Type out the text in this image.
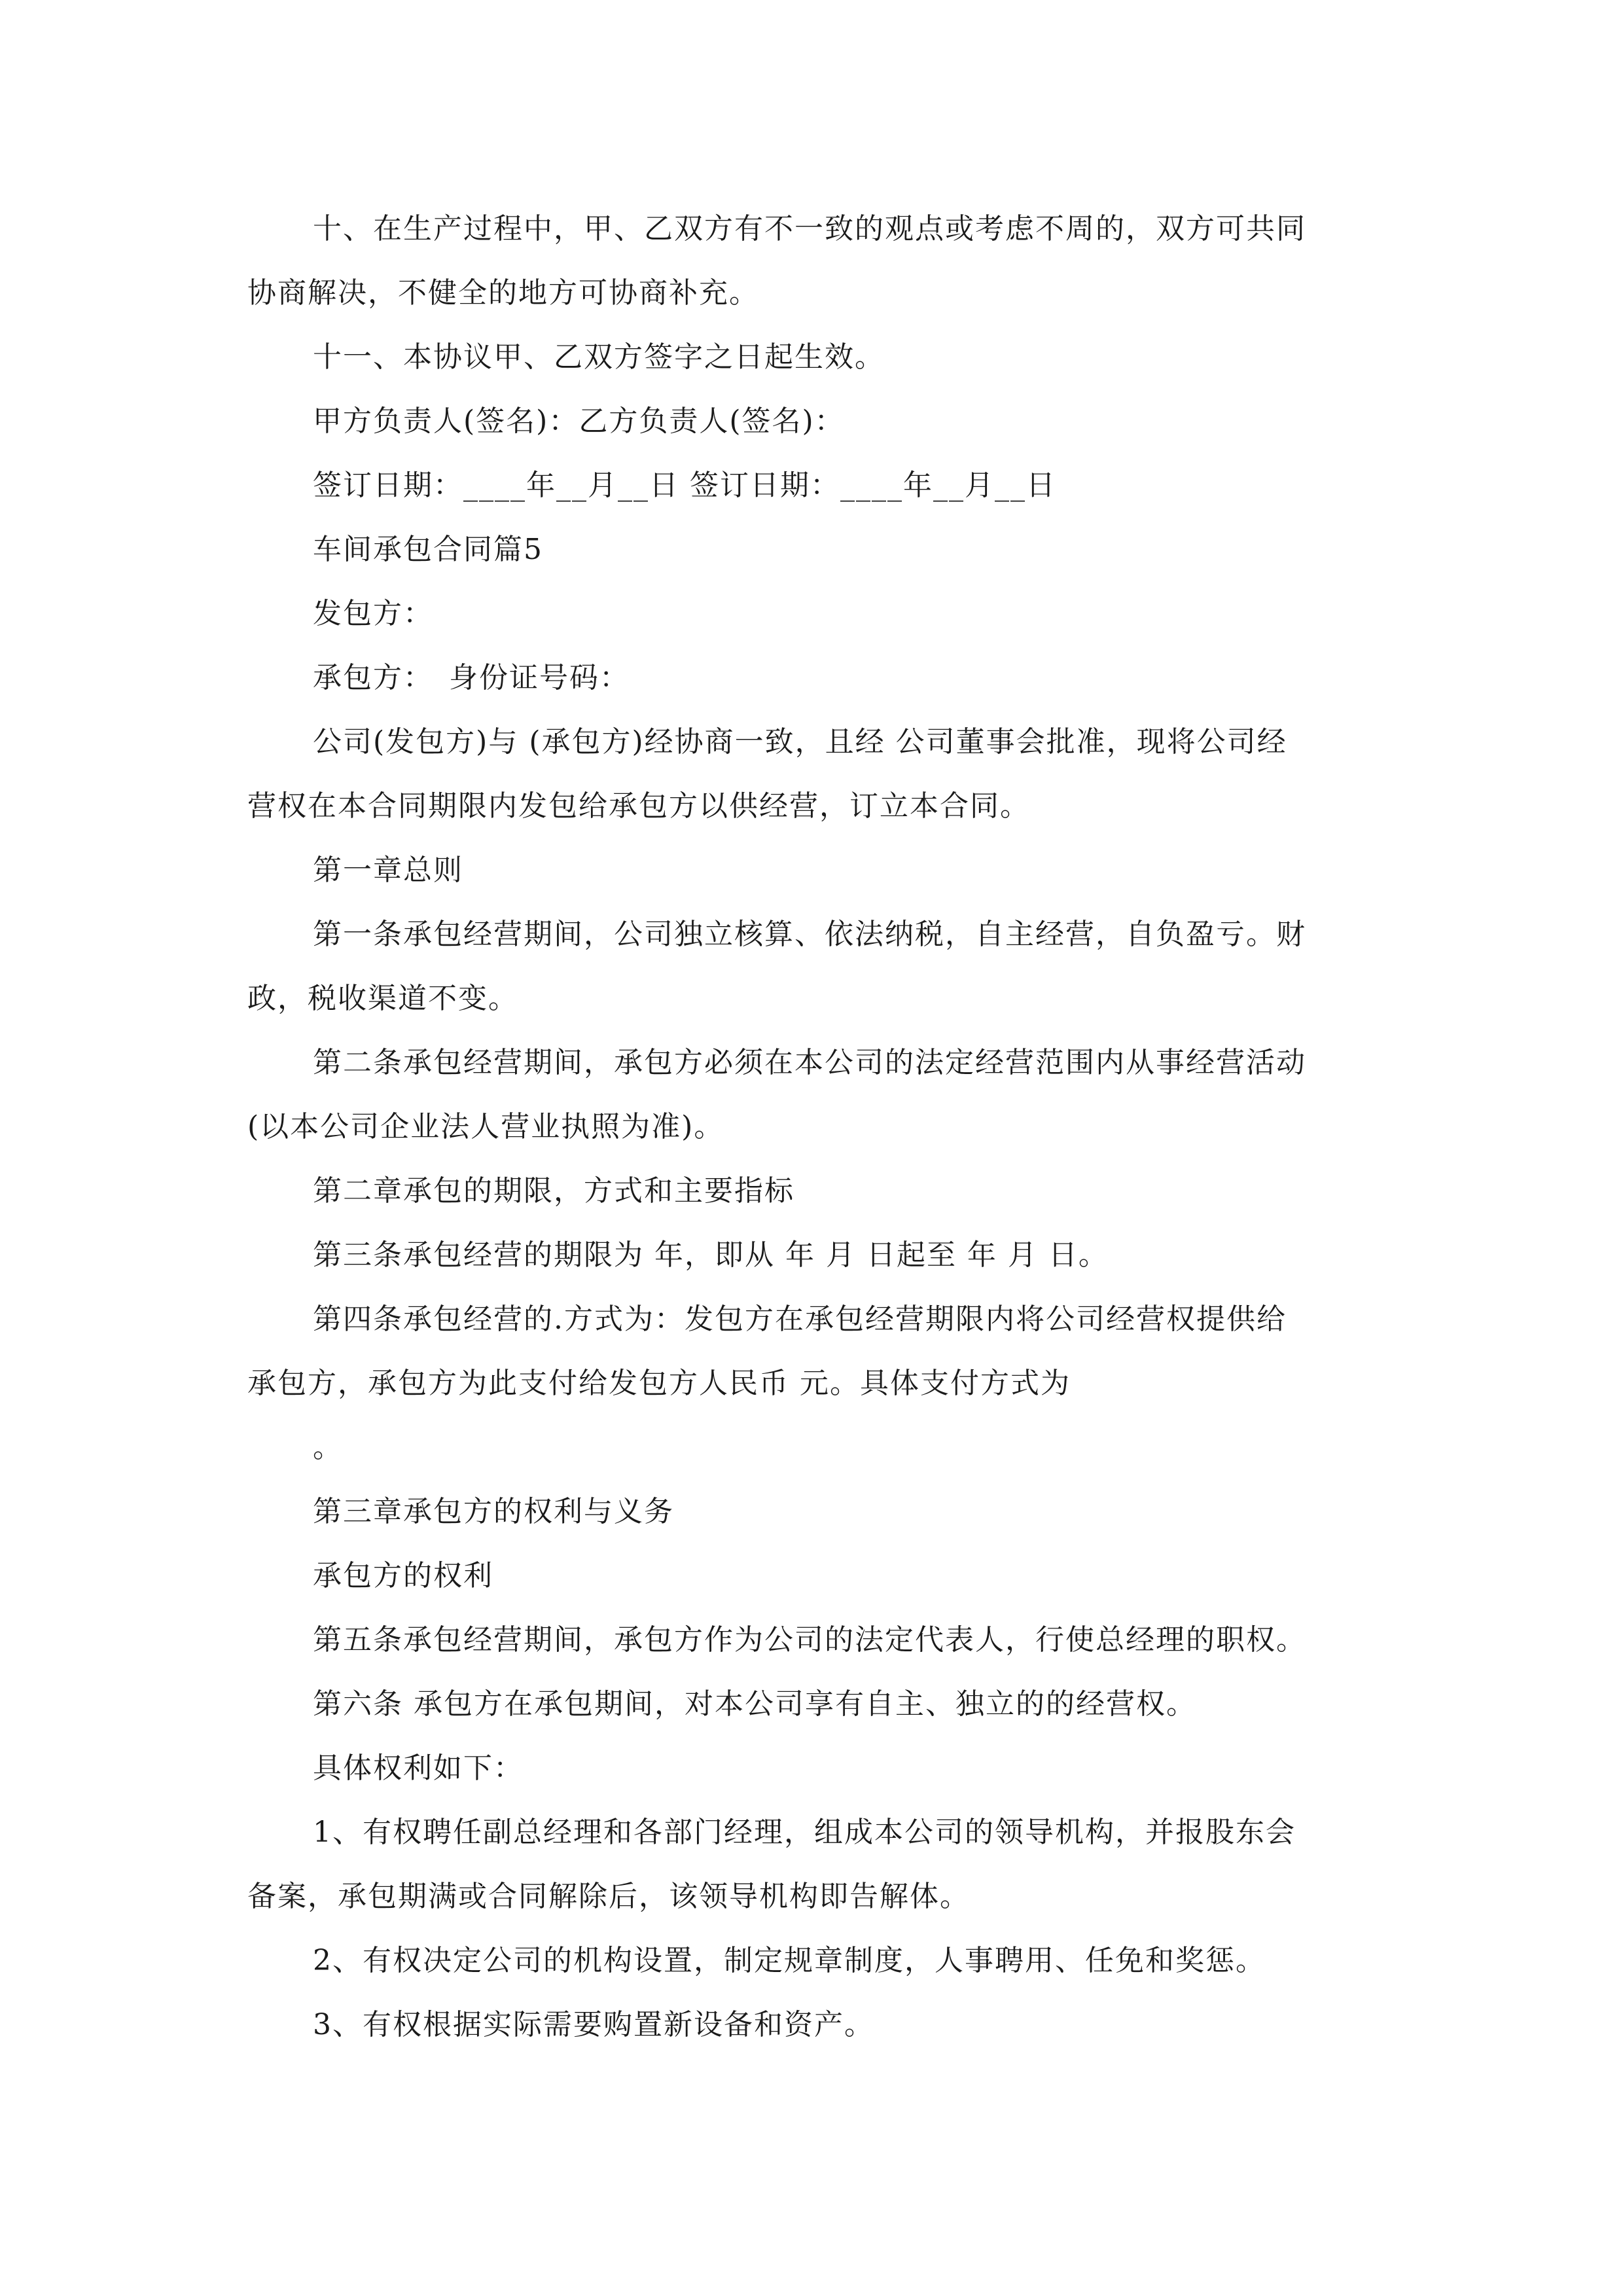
十、在生产过程中，甲、乙双方有不一致的观点或考虑不周的，双方可共同
协商解决，不健全的地方可协商补充。
十一、本协议甲、乙双方签字之日起生效。
甲方负责人(签名)：乙方负责人(签名)：
签订日期：____年__月__日 签订日期：____年__月__日
车间承包合同篇5
发包方：
承包方：　身份证号码：
公司(发包方)与 (承包方)经协商一致，且经 公司董事会批准，现将公司经
营权在本合同期限内发包给承包方以供经营，订立本合同。
第一章总则
第一条承包经营期间，公司独立核算、依法纳税，自主经营，自负盈亏。财
政，税收渠道不变。
第二条承包经营期间，承包方必须在本公司的法定经营范围内从事经营活动
(以本公司企业法人营业执照为准)。
第二章承包的期限，方式和主要指标
第三条承包经营的期限为 年，即从 年 月 日起至 年 月 日。
第四条承包经营的.方式为：发包方在承包经营期限内将公司经营权提供给
承包方，承包方为此支付给发包方人民币 元。具体支付方式为
。
第三章承包方的权利与义务
承包方的权利
第五条承包经营期间，承包方作为公司的法定代表人，行使总经理的职权。
第六条 承包方在承包期间，对本公司享有自主、独立的的经营权。
具体权利如下：
1、有权聘任副总经理和各部门经理，组成本公司的领导机构，并报股东会
备案，承包期满或合同解除后，该领导机构即告解体。
2、有权决定公司的机构设置，制定规章制度，人事聘用、任免和奖惩。
3、有权根据实际需要购置新设备和资产。
